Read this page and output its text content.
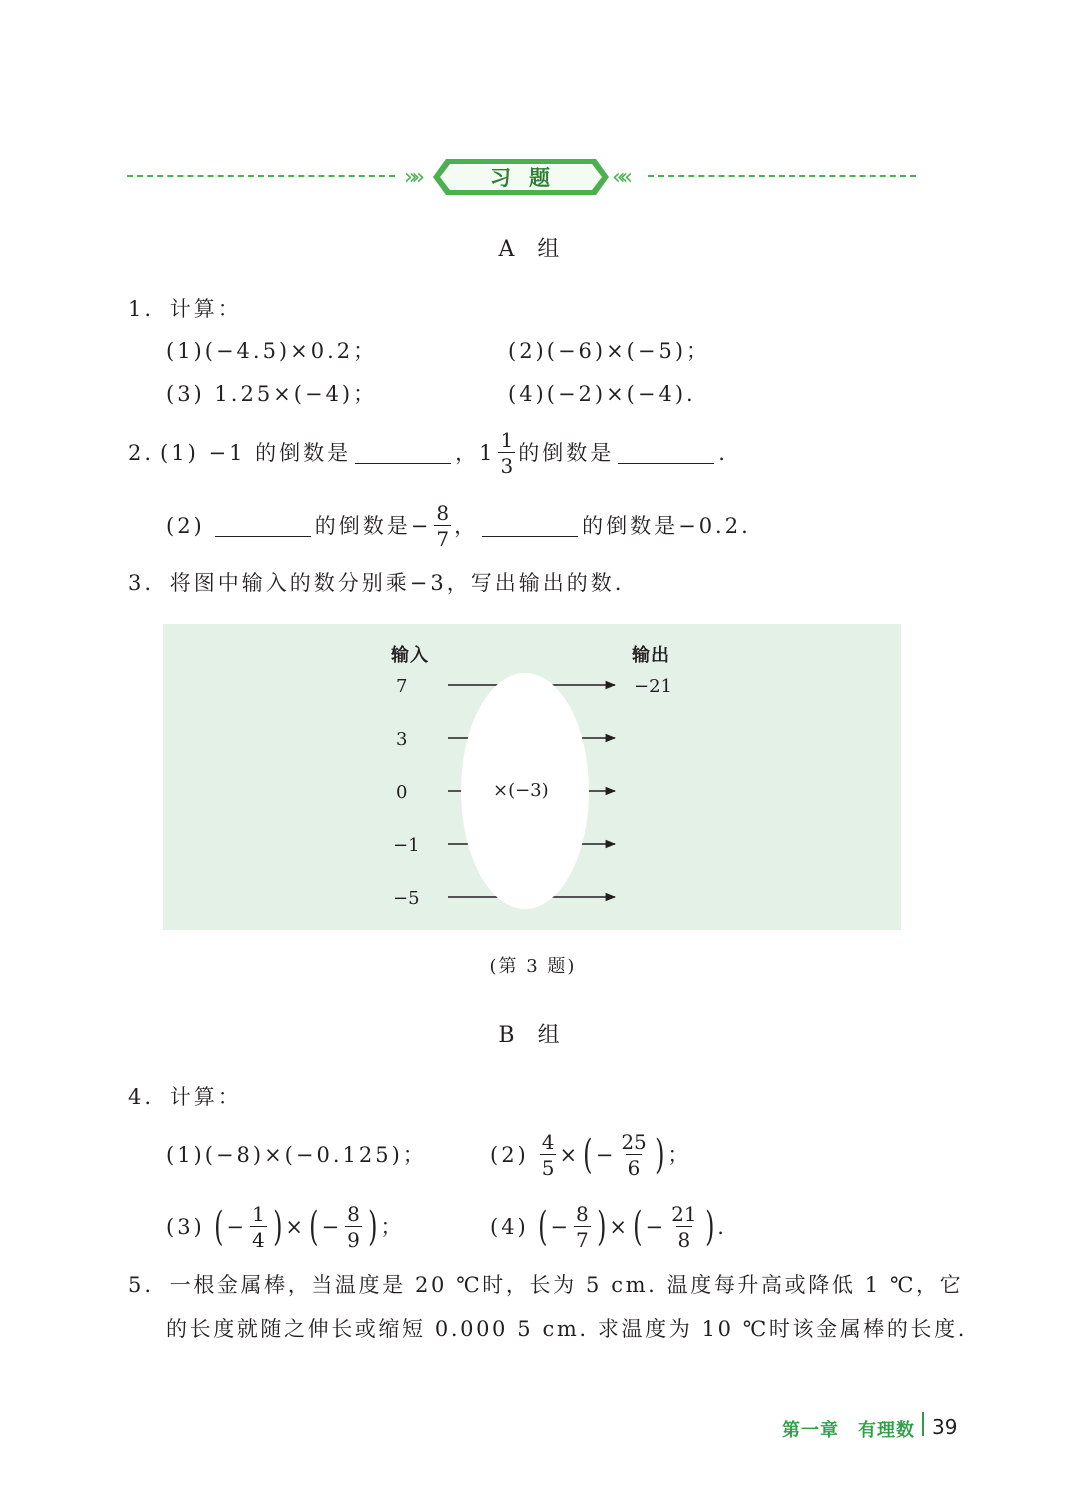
»»	习题	««
A 组
1. 计算：
(1)(−4.5)×0.2；	(2)(−6)×(−5)；
(3) 1.25×(−4)；	(4)(−2)×(−4).
2. (1) −1 的倒数是	，$1 \frac{1}{3}$ 的倒数是	.
(2)	的倒数是− $\frac{8}{7}$ ，	的倒数是−0.2.
3. 将图中输入的数分别乘−3，写出输出的数.
输入	输出
7
3
0
−1
−5
×(−3)
−21
(第 3 题)
B 组
4. 计算：
(1)(−8)×(−0.125)；	$(2) \frac{4}{5}$ × ( − $\frac{25}{6}$ ) ；
(3) ( − $\frac{1}{4}$ ) × ( − $\frac{8}{9}$ ) ；	(4) ( − $\frac{8}{7}$ ) × ( − $\frac{21}{8}$ ) .
5. 一根金属棒，当温度是 20 ℃时，长为 5 cm. 温度每升高或降低 1 ℃，它
的长度就随之伸长或缩短 0.000 5 cm. 求温度为 10 ℃时该金属棒的长度.
第一章　有理数 39
